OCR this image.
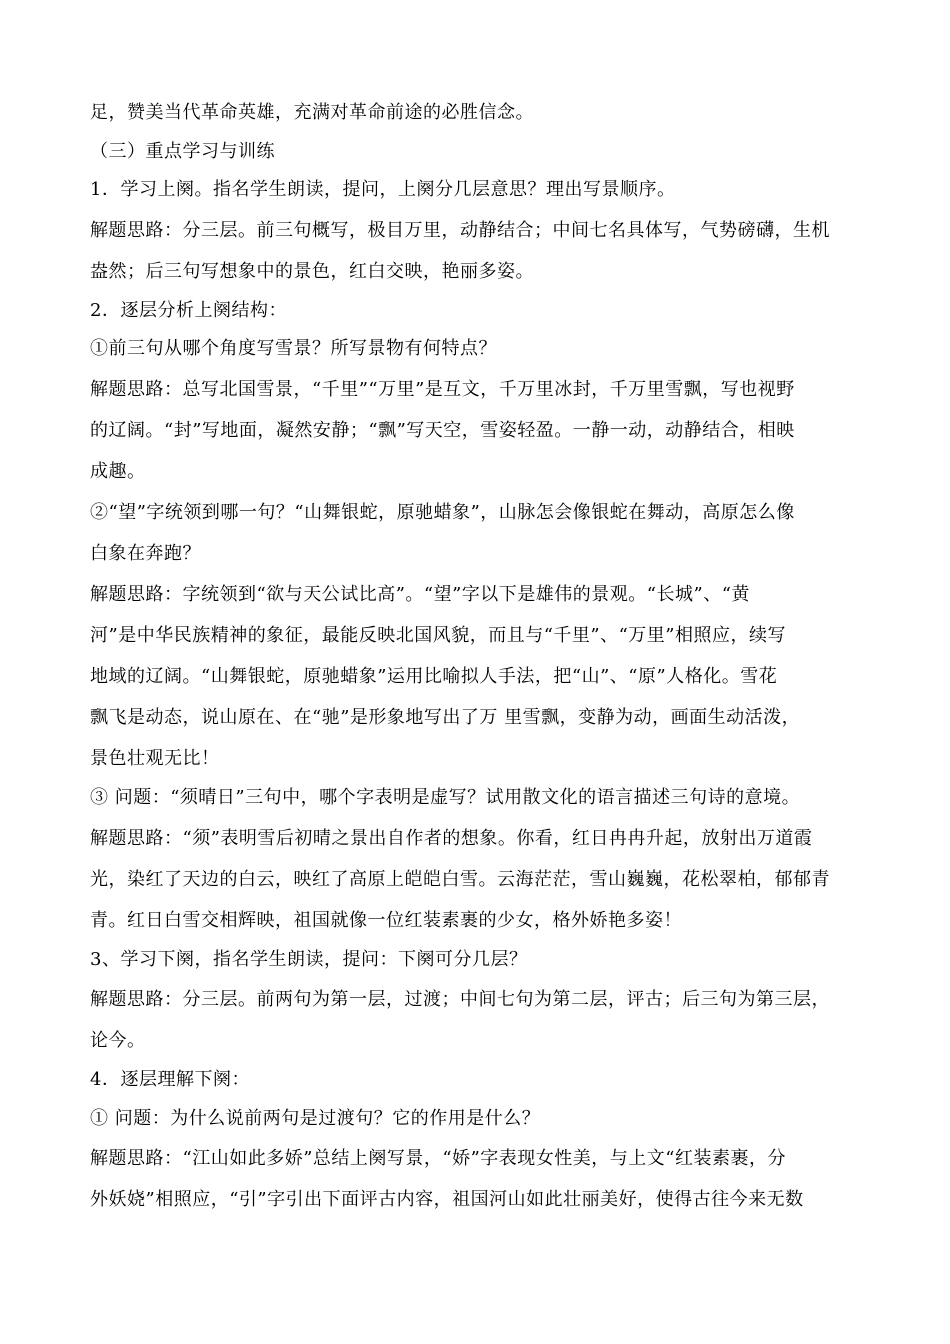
足，赞美当代革命英雄，充满对革命前途的必胜信念。
（三）重点学习与训练
1．学习上阕。指名学生朗读，提问，上阕分几层意思？理出写景顺序。
解题思路：分三层。前三句概写，极目万里，动静结合；中间七名具体写，气势磅礴，生机
盎然；后三句写想象中的景色，红白交映，艳丽多姿。
2．逐层分析上阕结构：
①前三句从哪个角度写雪景？所写景物有何特点？
解题思路：总写北国雪景，“千里”“万里”是互文，千万里冰封，千万里雪飘，写也视野
的辽阔。“封”写地面，凝然安静；“飘”写天空，雪姿轻盈。一静一动，动静结合，相映
成趣。
②“望”字统领到哪一句？“山舞银蛇，原驰蜡象”，山脉怎会像银蛇在舞动，高原怎么像
白象在奔跑？
解题思路：字统领到“欲与天公试比高”。“望”字以下是雄伟的景观。“长城”、“黄
河”是中华民族精神的象征，最能反映北国风貌，而且与“千里”、“万里”相照应，续写
地域的辽阔。“山舞银蛇，原驰蜡象”运用比喻拟人手法，把“山”、“原”人格化。雪花
飘飞是动态，说山原在、在“驰”是形象地写出了万 里雪飘，变静为动，画面生动活泼，
景色壮观无比！
③ 问题：“须晴日”三句中，哪个字表明是虚写？试用散文化的语言描述三句诗的意境。
解题思路：“须”表明雪后初晴之景出自作者的想象。你看，红日冉冉升起，放射出万道霞
光，染红了天边的白云，映红了高原上皑皑白雪。云海茫茫，雪山巍巍，花松翠柏，郁郁青
青。红日白雪交相辉映，祖国就像一位红装素裹的少女，格外娇艳多姿！
3、学习下阕，指名学生朗读，提问：下阕可分几层？
解题思路：分三层。前两句为第一层，过渡；中间七句为第二层，评古；后三句为第三层，
论今。
4．逐层理解下阕：
① 问题：为什么说前两句是过渡句？它的作用是什么？
解题思路：“江山如此多娇”总结上阕写景，“娇”字表现女性美，与上文“红装素裹，分
外妖娆”相照应，“引”字引出下面评古内容，祖国河山如此壮丽美好，使得古往今来无数
